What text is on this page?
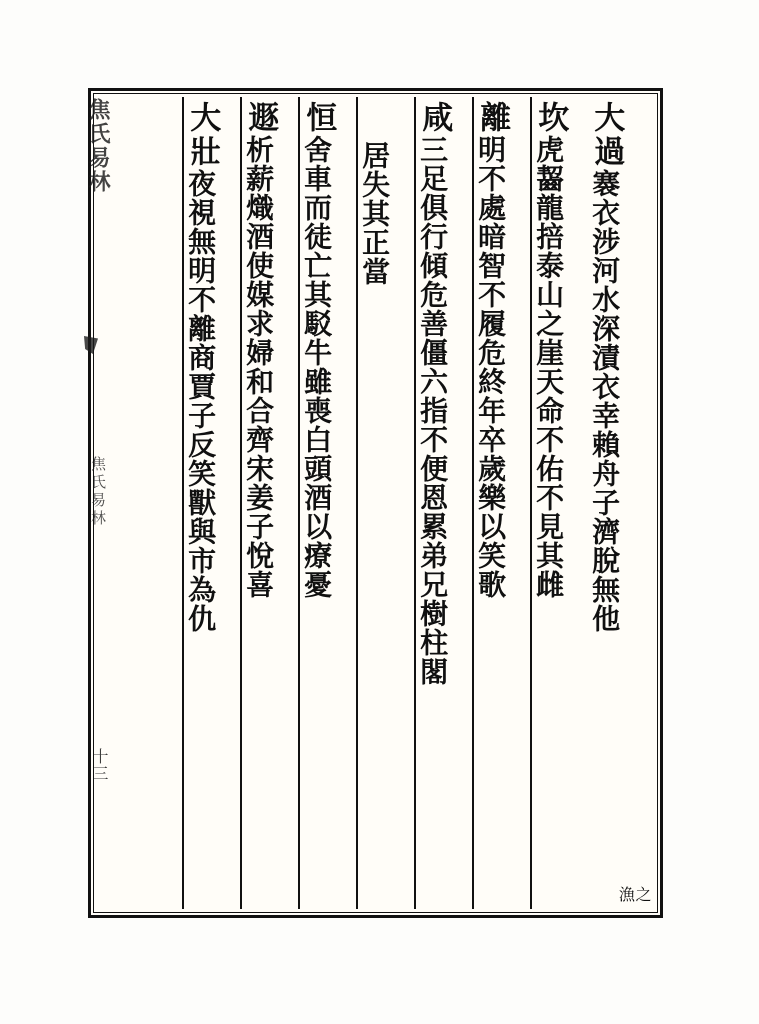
大過
褰衣涉河水深漬衣幸賴舟子濟脫無他
之
漁
坎
虎齧龍掊泰山之崖天命不佑不見其雌
離
明不處暗智不履危終年卒歲樂以笑歌
咸
三足俱行傾危善僵六指不便恩累弟兄樹柱閣
居失其正當
恒
舍車而徒亡其駁牛雖喪白頭酒以療憂
遯
析薪熾酒使媒求婦和合齊宋姜子悅喜
大壯
夜視無明不離商賈子反笑獸與市為仇
焦氏易林
焦氏易林
十三
